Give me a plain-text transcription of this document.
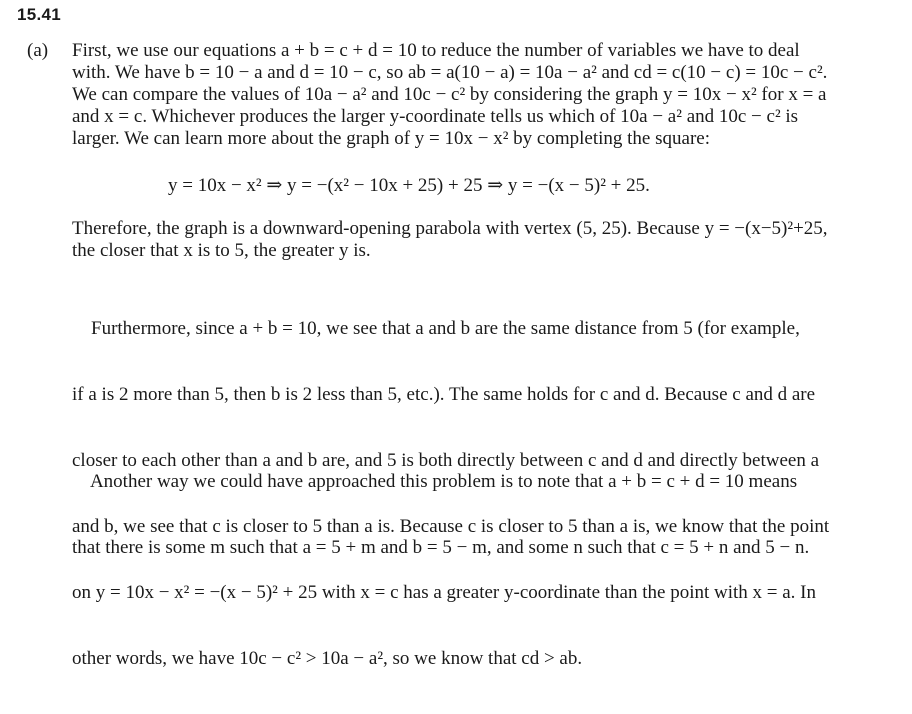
15.41
(a) First, we use our equations a + b = c + d = 10 to reduce the number of variables we have to deal
with. We have b = 10 − a and d = 10 − c, so ab = a(10 − a) = 10a − a² and cd = c(10 − c) = 10c − c².
We can compare the values of 10a − a² and 10c − c² by considering the graph y = 10x − x² for x = a
and x = c. Whichever produces the larger y-coordinate tells us which of 10a − a² and 10c − c² is
larger. We can learn more about the graph of y = 10x − x² by completing the square:
y = 10x − x² ⇒ y = −(x² − 10x + 25) + 25 ⇒ y = −(x − 5)² + 25.
Therefore, the graph is a downward-opening parabola with vertex (5, 25). Because y = −(x−5)²+25,
the closer that x is to 5, the greater y is.

Furthermore, since a + b = 10, we see that a and b are the same distance from 5 (for example,

if a is 2 more than 5, then b is 2 less than 5, etc.). The same holds for c and d. Because c and d are

closer to each other than a and b are, and 5 is both directly between c and d and directly between a

and b, we see that c is closer to 5 than a is. Because c is closer to 5 than a is, we know that the point

on y = 10x − x² = −(x − 5)² + 25 with x = c has a greater y-coordinate than the point with x = a. In

other words, we have 10c − c² > 10a − a², so we know that cd > ab.

Another way we could have approached this problem is to note that a + b = c + d = 10 means

that there is some m such that a = 5 + m and b = 5 − m, and some n such that c = 5 + n and 5 − n.
